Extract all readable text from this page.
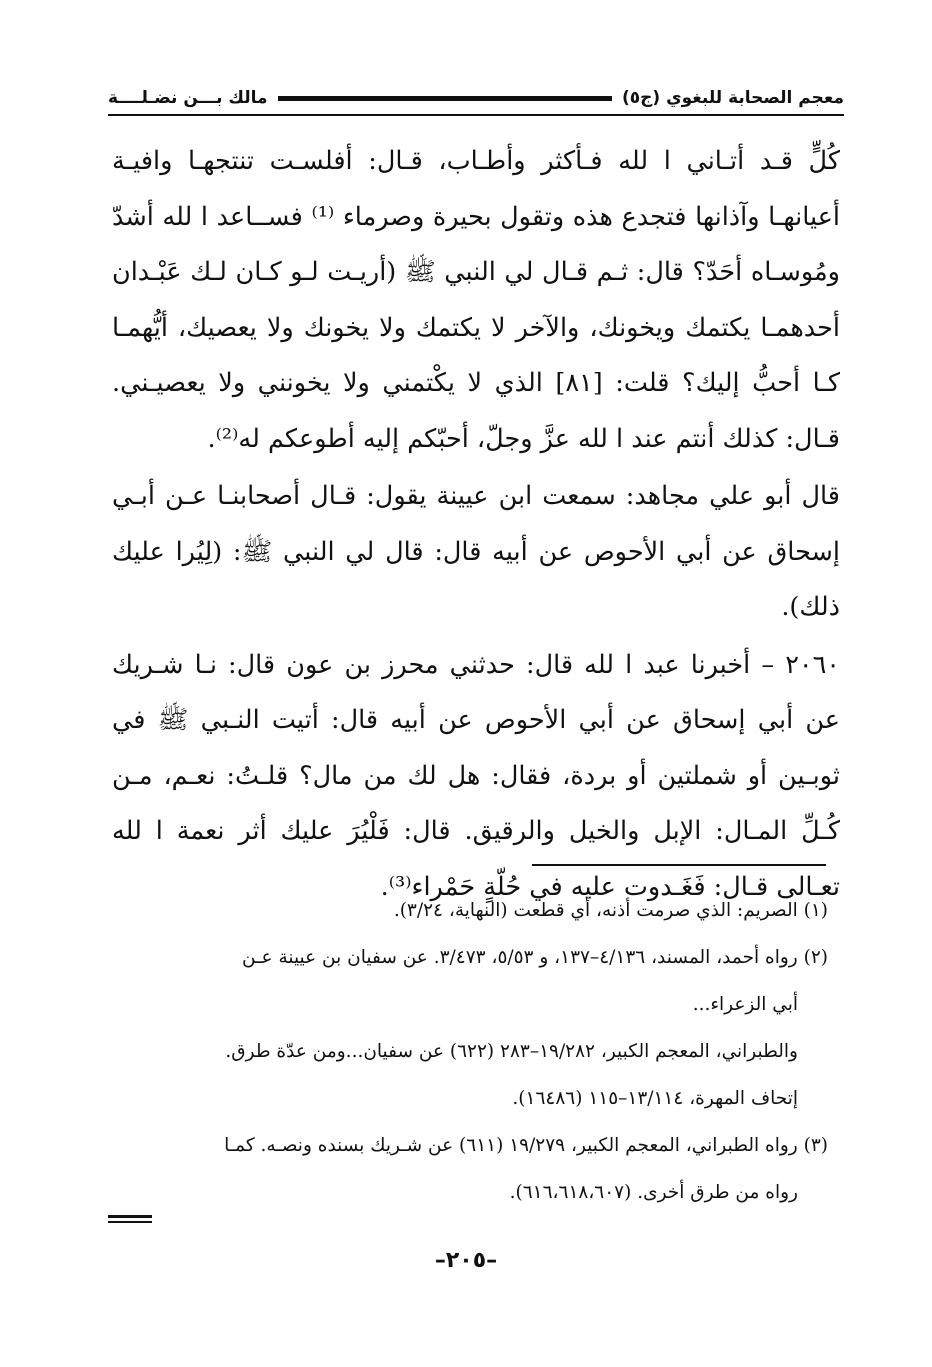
معجم الصحابة للبغوي (ج٥)
مالك بـــن نضـلــــة

كُلٍّ قـد أتـاني ا لله فـأكثر وأطـاب، قـال: أفلسـت تنتجهـا وافيـة أعيانهـا وآذانها فتجدع هذه وتقول بحيرة وصرماء ⁽¹⁾ فســاعد ا لله أشدّ ومُوسـاه أحَدّ؟ قال: ثـم قـال لي النبي ﷺ (أريـت لـو كـان لـك عَبْـدان أحدهمـا يكتمك ويخونك، والآخر لا يكتمك ولا يخونك ولا يعصيك، أيُّهمـا كـا أحبُّ إليك؟ قلت: [٨١] الذي لا يكْتمني ولا يخونني ولا يعصيـني. قـال: كذلك أنتم عند ا لله عزَّ وجلّ، أحبّكم إليه أطوعكم له⁽²⁾.

قال أبو علي مجاهد: سمعت ابن عيينة يقول: قـال أصحابنـا عـن أبـي إسحاق عن أبي الأحوص عن أبيه قال: قال لي النبي ﷺ: (لِيُرا عليك ذلك).

٢٠٦٠ – أخبرنا عبد ا لله قال: حدثني محرز بن عون قال: نـا شـريك عن أبي إسحاق عن أبي الأحوص عن أبيه قال: أتيت النـبي ﷺ في ثوبـين أو شملتين أو بردة، فقال: هل لك من مال؟ قلـتُ: نعـم، مـن كُـلِّ المـال: الإبل والخيل والرقيق. قال: فَلْيُرَ عليك أثر نعمة ا لله تعـالى قـال: فَغَـدوت عليه في حُلّةٍ حَمْراء⁽³⁾.

(١) الصريم: الذي صرمت أذنه، أي قطعت (النهاية، ٣/٢٤).

(٢) رواه أحمد، المسند، ٤/١٣٦–١٣٧، و ٥/٥٣، ٣/٤٧٣. عن سفيان بن عيينة عـن

أبي الزعراء...

والطبراني، المعجم الكبير، ١٩/٢٨٢–٢٨٣ (٦٢٢) عن سفيان...ومن عدّة طرق.

إتحاف المهرة، ١٣/١١٤–١١٥ (١٦٤٨٦).

(٣) رواه الطبراني، المعجم الكبير، ١٩/٢٧٩ (٦١١) عن شـريك بسنده ونصـه. كمـا

رواه من طرق أخرى. (٦١٦،٦١٨،٦٠٧).

–٢٠٥–
